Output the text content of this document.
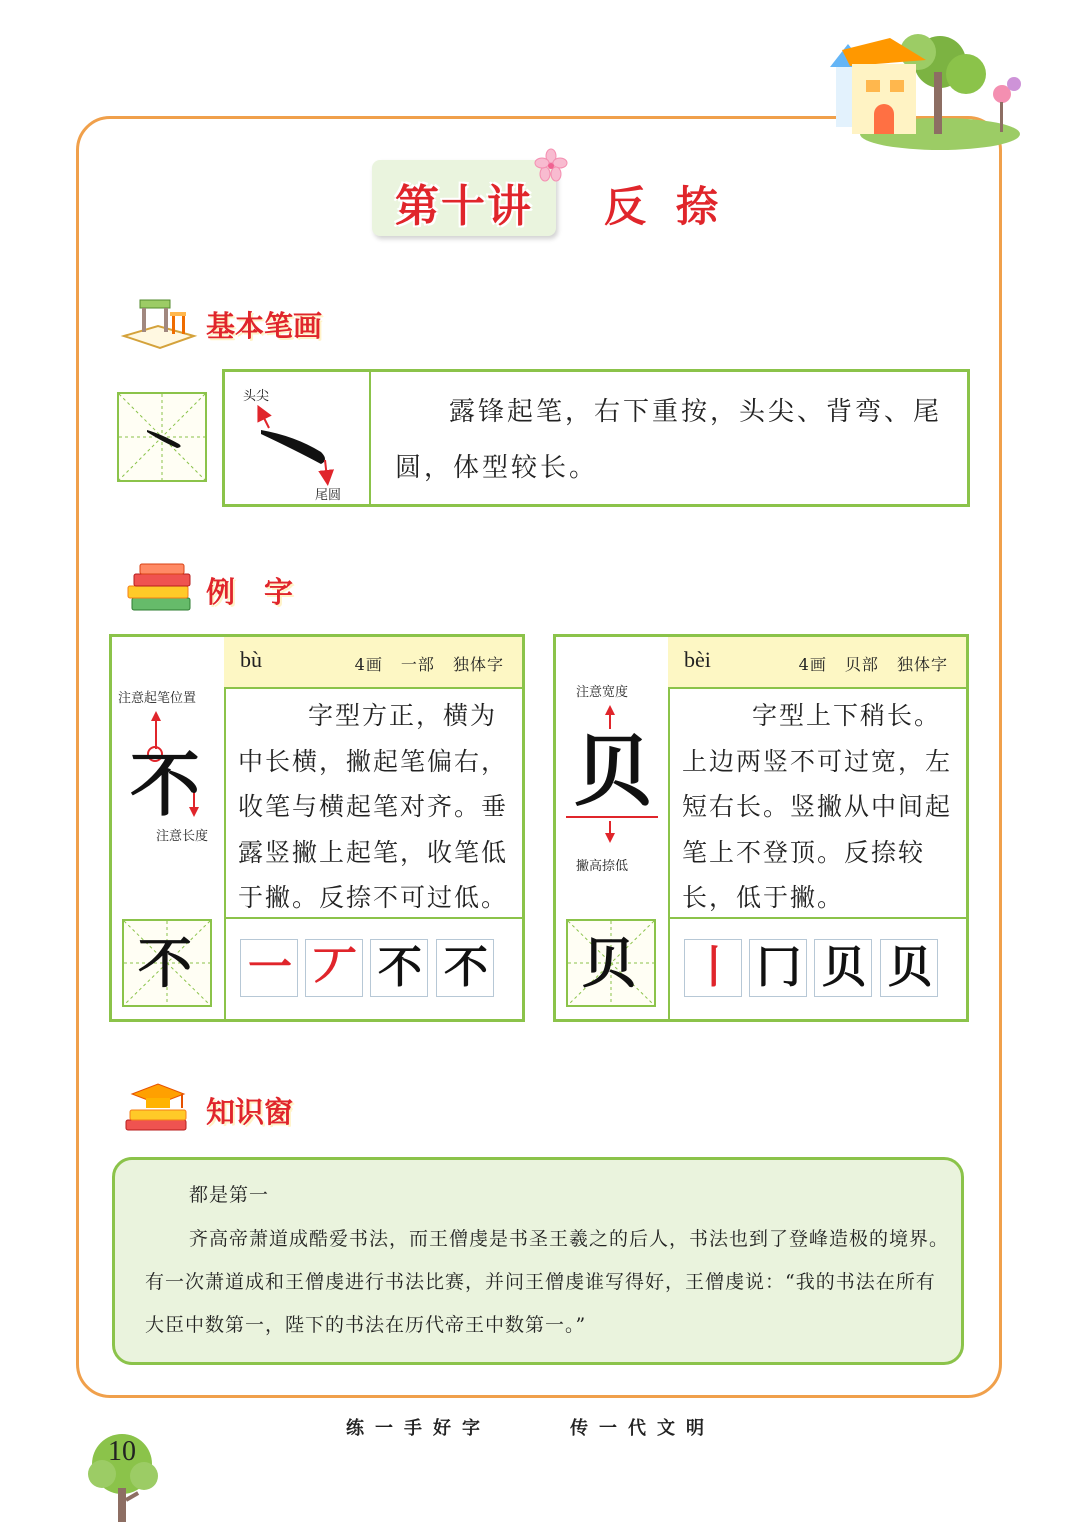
第十讲	反捺
基本笔画
头尖
尾圆
露锋起笔，右下重按，头尖、背弯、尾圆，体型较长。
例　字
注意起笔位置
不
注意长度
bù	4画 一部 独体字
字型方正，横为中长横，撇起笔偏右，收笔与横起笔对齐。垂露竖撇上起笔，收笔低于撇。反捺不可过低。
不 一 丆 不 不
注意宽度
贝
撇高捺低
bèi	4画 贝部 独体字
字型上下稍长。上边两竖不可过宽，左短右长。竖撇从中间起笔上不登顶。反捺较长，低于撇。
贝 丨 冂 贝 贝
知识窗
都是第一
齐高帝萧道成酷爱书法，而王僧虔是书圣王羲之的后人，书法也到了登峰造极的境界。有一次萧道成和王僧虔进行书法比赛，并问王僧虔谁写得好，王僧虔说：“我的书法在所有大臣中数第一，陛下的书法在历代帝王中数第一。”
练一手好字	传一代文明
10
